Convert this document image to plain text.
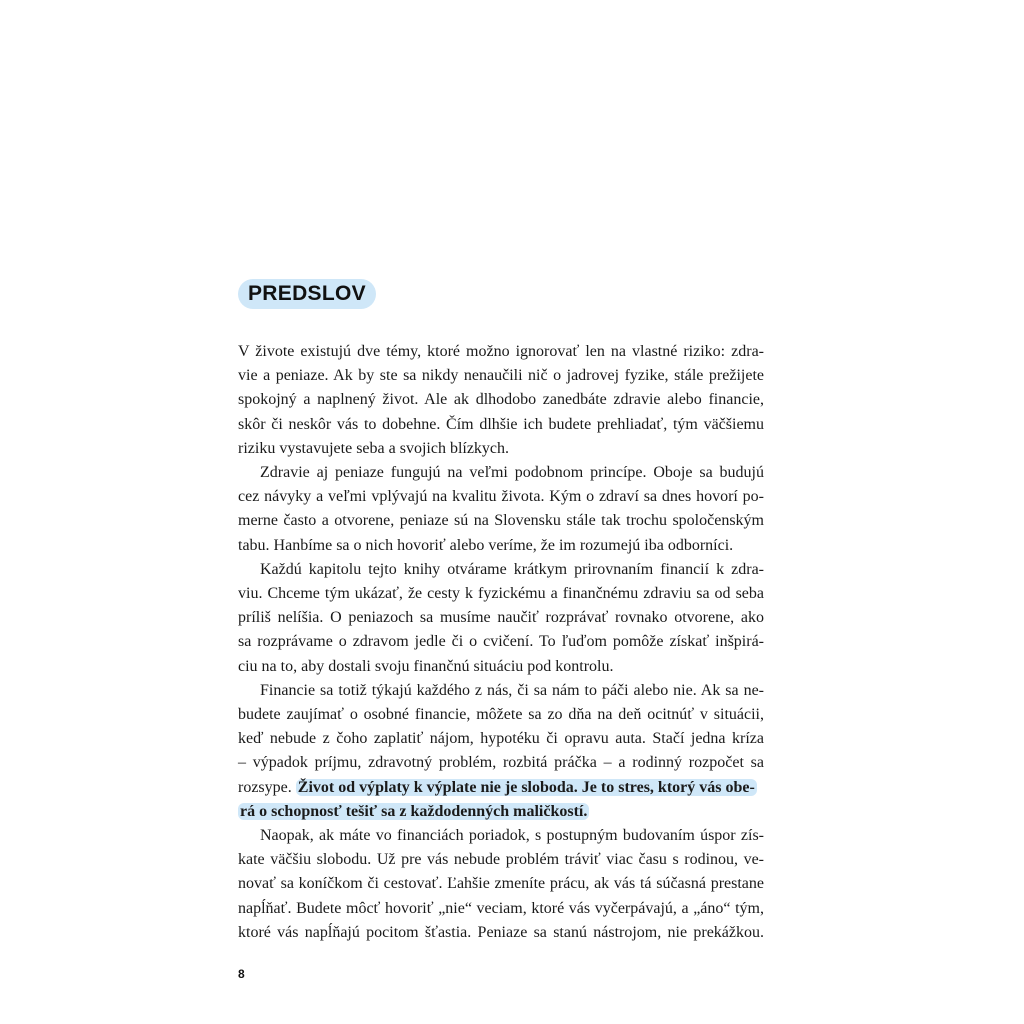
PREDSLOV
V živote existujú dve témy, ktoré možno ignorovať len na vlastné riziko: zdra-
vie a peniaze. Ak by ste sa nikdy nenaučili nič o jadrovej fyzike, stále prežijete
spokojný a naplnený život. Ale ak dlhodobo zanedbáte zdravie alebo financie,
skôr či neskôr vás to dobehne. Čím dlhšie ich budete prehliadať, tým väčšiemu
riziku vystavujete seba a svojich blízkych.
Zdravie aj peniaze fungujú na veľmi podobnom princípe. Oboje sa budujú
cez návyky a veľmi vplývajú na kvalitu života. Kým o zdraví sa dnes hovorí po-
merne často a otvorene, peniaze sú na Slovensku stále tak trochu spoločenským
tabu. Hanbíme sa o nich hovoriť alebo veríme, že im rozumejú iba odborníci.
Každú kapitolu tejto knihy otvárame krátkym prirovnaním financií k zdra-
viu. Chceme tým ukázať, že cesty k fyzickému a finančnému zdraviu sa od seba
príliš nelíšia. O peniazoch sa musíme naučiť rozprávať rovnako otvorene, ako
sa rozprávame o zdravom jedle či o cvičení. To ľuďom pomôže získať inšpirá-
ciu na to, aby dostali svoju finančnú situáciu pod kontrolu.
Financie sa totiž týkajú každého z nás, či sa nám to páči alebo nie. Ak sa ne-
budete zaujímať o osobné financie, môžete sa zo dňa na deň ocitnúť v situácii,
keď nebude z čoho zaplatiť nájom, hypotéku či opravu auta. Stačí jedna kríza
– výpadok príjmu, zdravotný problém, rozbitá práčka – a rodinný rozpočet sa
rozsype. Život od výplaty k výplate nie je sloboda. Je to stres, ktorý vás obe-
rá o schopnosť tešiť sa z každodenných maličkostí.
Naopak, ak máte vo financiách poriadok, s postupným budovaním úspor zís-
kate väčšiu slobodu. Už pre vás nebude problém tráviť viac času s rodinou, ve-
novať sa koníčkom či cestovať. Ľahšie zmeníte prácu, ak vás tá súčasná prestane
napĺňať. Budete môcť hovoriť „nie“ veciam, ktoré vás vyčerpávajú, a „áno“ tým,
ktoré vás napĺňajú pocitom šťastia. Peniaze sa stanú nástrojom, nie prekážkou.
8
